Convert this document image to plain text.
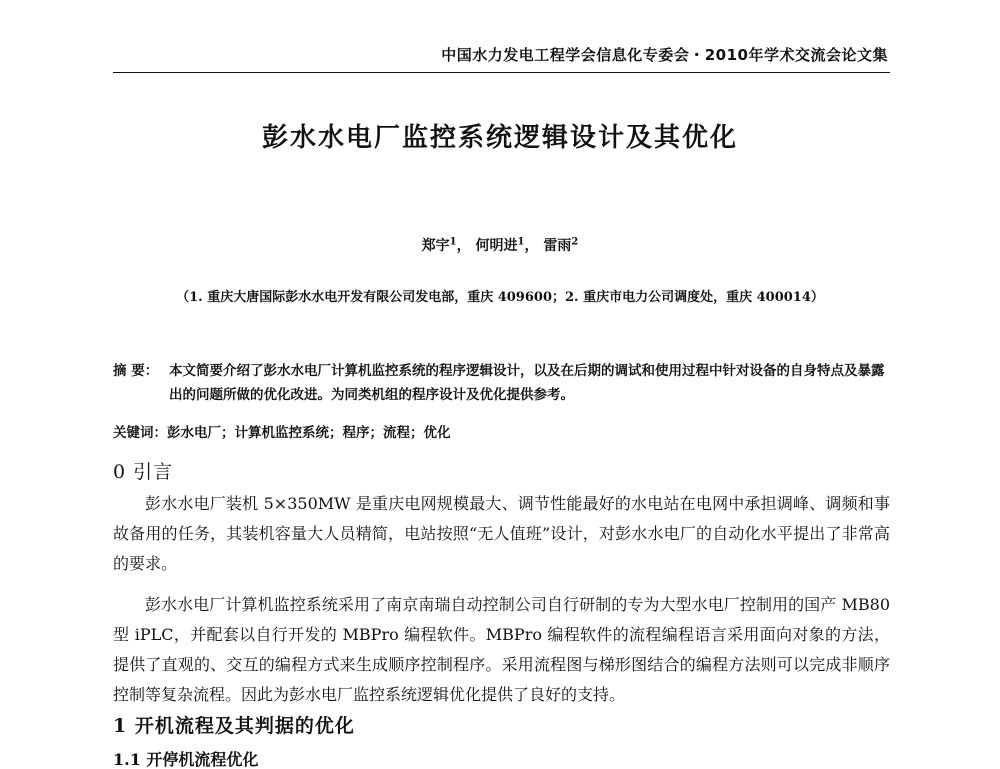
中国水力发电工程学会信息化专委会・2010年学术交流会论文集
彭水水电厂监控系统逻辑设计及其优化
郑宇$^1$， 何明进$^1$， 雷雨$^2$
（1. 重庆大唐国际彭水水电开发有限公司发电部，重庆 409600；2. 重庆市电力公司调度处，重庆 400014）
摘 要： 本文简要介绍了彭水水电厂计算机监控系统的程序逻辑设计，以及在后期的调试和使用过程中针对设备的自身特点及暴露出的问题所做的优化改进。为同类机组的程序设计及优化提供参考。
关键词：彭水电厂；计算机监控系统；程序；流程；优化
0 引言
彭水水电厂装机 5×350MW 是重庆电网规模最大、调节性能最好的水电站在电网中承担调峰、调频和事故备用的任务，其装机容量大人员精简，电站按照“无人值班”设计，对彭水水电厂的自动化水平提出了非常高的要求。
彭水水电厂计算机监控系统采用了南京南瑞自动控制公司自行研制的专为大型水电厂控制用的国产 MB80 型 iPLC，并配套以自行开发的 MBPro 编程软件。MBPro 编程软件的流程编程语言采用面向对象的方法，提供了直观的、交互的编程方式来生成顺序控制程序。采用流程图与梯形图结合的编程方法则可以完成非顺序控制等复杂流程。因此为彭水电厂监控系统逻辑优化提供了良好的支持。
1 开机流程及其判据的优化
1.1 开停机流程优化
